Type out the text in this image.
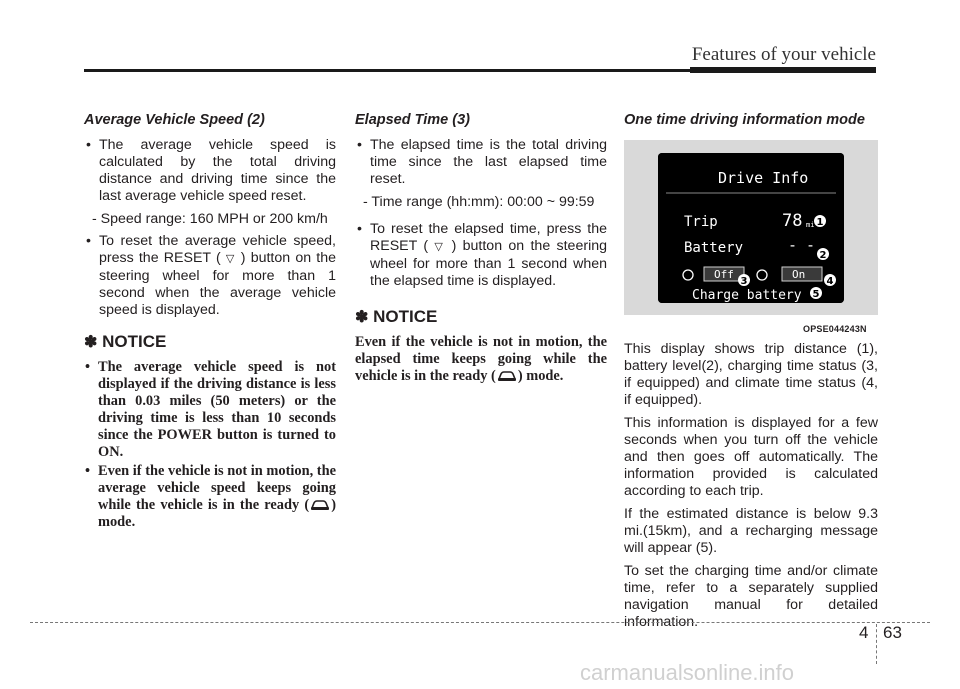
Features of your vehicle
Average Vehicle Speed (2)

• The average vehicle speed is calculated by the total driving distance and driving time since the last average vehicle speed reset.

- Speed range: 160 MPH or 200 km/h

• To reset the average vehicle speed, press the RESET ( ▽ ) button on the steering wheel for more than 1 second when the average vehicle speed is displayed.

✽ NOTICE

• The average vehicle speed is not displayed if the driving distance is less than 0.03 miles (50 meters) or the driving time is less than 10 seconds since the POWER button is turned to ON.

• Even if the vehicle is not in motion, the average vehicle speed keeps going while the vehicle is in the ready ( ) mode.

Elapsed Time (3)

• The elapsed time is the total driving time since the last elapsed time reset.

- Time range (hh:mm): 00:00 ~ 99:59

• To reset the elapsed time, press the RESET ( ▽ ) button on the steering wheel for more than 1 second when the elapsed time is displayed.

✽ NOTICE

Even if the vehicle is not in motion, the elapsed time keeps going while the vehicle is in the ready ( ) mode.

One time driving information mode
Drive Info
Trip	78 mi 1
Battery	- -
2
Off
3
On
4
Charge battery 5
OPSE044243N

This display shows trip distance (1), battery level(2), charging time status (3, if equipped) and climate time status (4, if equipped).

This information is displayed for a few seconds when you turn off the vehicle and then goes off automatically. The information provided is calculated according to each trip.

If the estimated distance is below 9.3 mi.(15km), and a recharging message will appear (5).

To set the charging time and/or climate time, refer to a separately supplied navigation manual for detailed information.

4 63
carmanualsonline.info
